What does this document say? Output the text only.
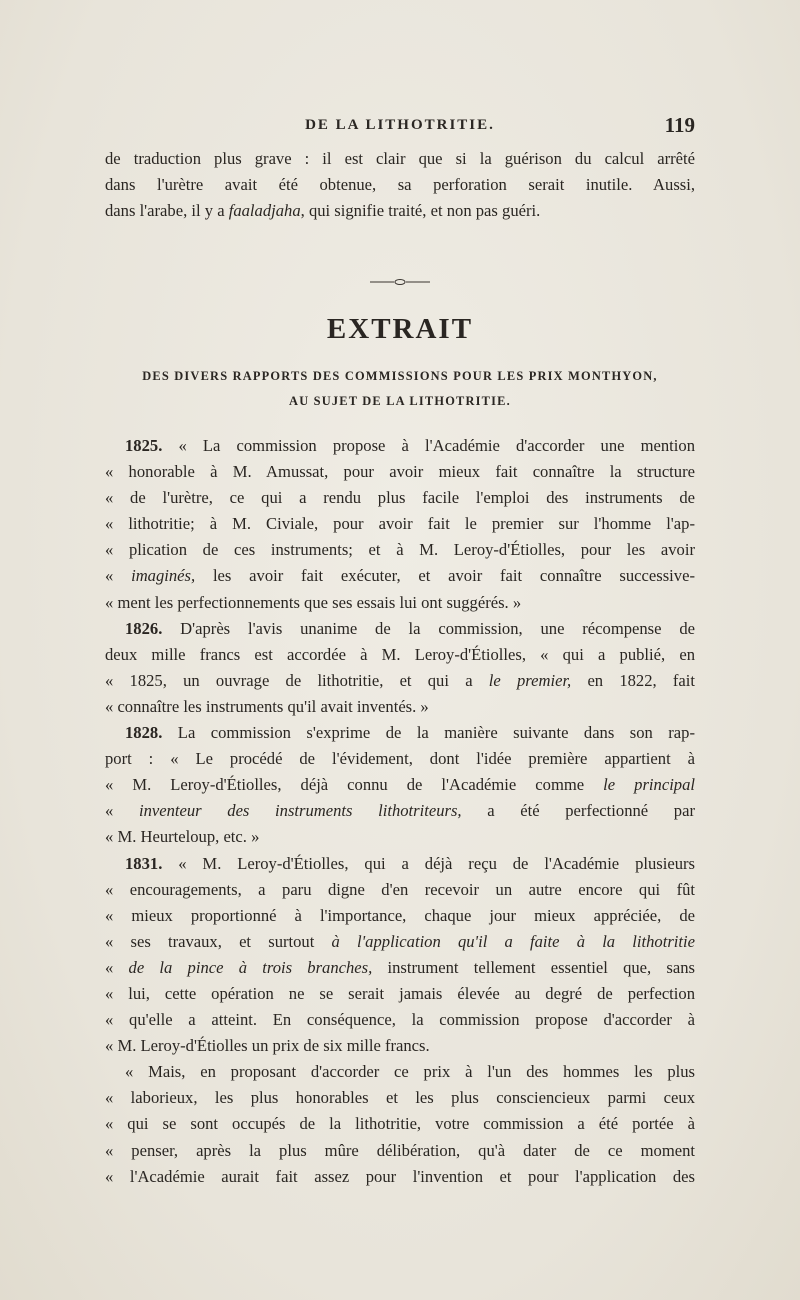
DE LA LITHOTRITIE.	119

de traduction plus grave : il est clair que si la guérison du calcul arrêté

dans l'urètre avait été obtenue, sa perforation serait inutile. Aussi,

dans l'arabe, il y a faaladjaha, qui signifie traité, et non pas guéri.

EXTRAIT
DES DIVERS RAPPORTS DES COMMISSIONS POUR LES PRIX MONTHYON,
AU SUJET DE LA LITHOTRITIE.

1825. « La commission propose à l'Académie d'accorder une mention

« honorable à M. Amussat, pour avoir mieux fait connaître la structure

« de l'urètre, ce qui a rendu plus facile l'emploi des instruments de

« lithotritie; à M. Civiale, pour avoir fait le premier sur l'homme l'ap-

« plication de ces instruments; et à M. Leroy-d'Étiolles, pour les avoir

« imaginés, les avoir fait exécuter, et avoir fait connaître successive-

« ment les perfectionnements que ses essais lui ont suggérés. »

1826. D'après l'avis unanime de la commission, une récompense de

deux mille francs est accordée à M. Leroy-d'Étiolles, « qui a publié, en

« 1825, un ouvrage de lithotritie, et qui a le premier, en 1822, fait

« connaître les instruments qu'il avait inventés. »

1828. La commission s'exprime de la manière suivante dans son rap-

port : « Le procédé de l'évidement, dont l'idée première appartient à

« M. Leroy-d'Étiolles, déjà connu de l'Académie comme le principal

« inventeur des instruments lithotriteurs, a été perfectionné par

« M. Heurteloup, etc. »

1831. « M. Leroy-d'Étiolles, qui a déjà reçu de l'Académie plusieurs

« encouragements, a paru digne d'en recevoir un autre encore qui fût

« mieux proportionné à l'importance, chaque jour mieux appréciée, de

« ses travaux, et surtout à l'application qu'il a faite à la lithotritie

« de la pince à trois branches, instrument tellement essentiel que, sans

« lui, cette opération ne se serait jamais élevée au degré de perfection

« qu'elle a atteint. En conséquence, la commission propose d'accorder à

« M. Leroy-d'Étiolles un prix de six mille francs.

« Mais, en proposant d'accorder ce prix à l'un des hommes les plus

« laborieux, les plus honorables et les plus consciencieux parmi ceux

« qui se sont occupés de la lithotritie, votre commission a été portée à

« penser, après la plus mûre délibération, qu'à dater de ce moment

« l'Académie aurait fait assez pour l'invention et pour l'application des
